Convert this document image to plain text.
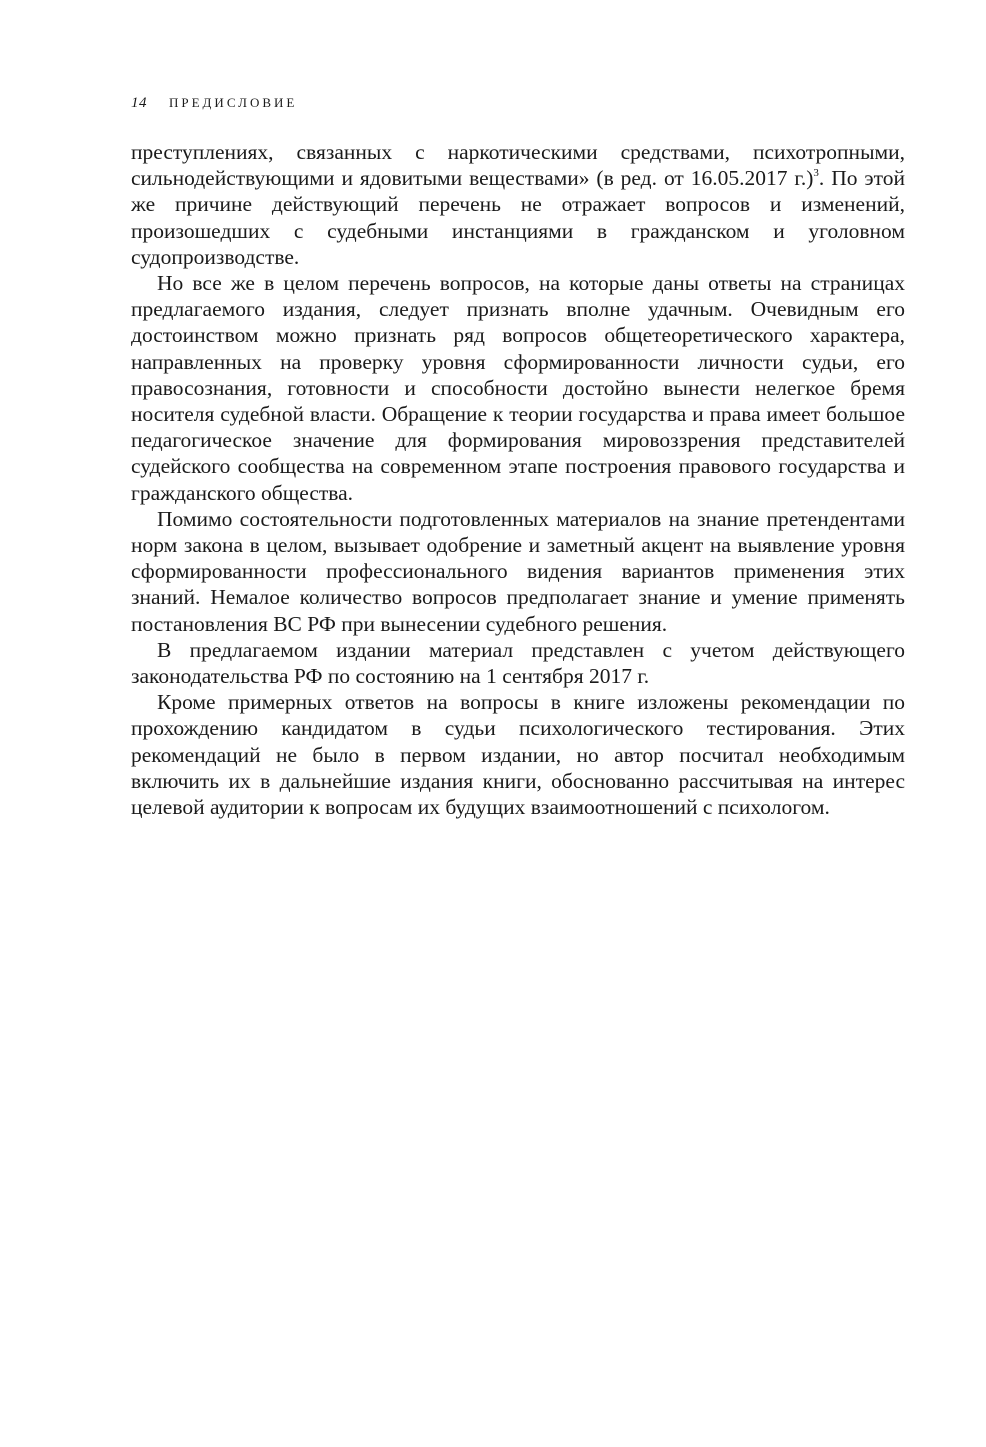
14 ПРЕДИСЛОВИЕ

преступлениях, связанных с наркотическими средствами, психотропными, сильнодействующими и ядовитыми веществами» (в ред. от 16.05.2017 г.)$^3$. По этой же причине действующий перечень не отражает вопросов и изменений, произошедших с судебными инстанциями в гражданском и уголовном судопроизводстве.

Но все же в целом перечень вопросов, на которые даны ответы на страницах предлагаемого издания, следует признать вполне удачным. Очевидным его достоинством можно признать ряд вопросов общетеоретического характера, направленных на проверку уровня сформированности личности судьи, его правосознания, готовности и способности достойно вынести нелегкое бремя носителя судебной власти. Обращение к теории государства и права имеет большое педагогическое значение для формирования мировоззрения представителей судейского сообщества на современном этапе построения правового государства и гражданского общества.

Помимо состоятельности подготовленных материалов на знание претендентами норм закона в целом, вызывает одобрение и заметный акцент на выявление уровня сформированности профессионального видения вариантов применения этих знаний. Немалое количество вопросов предполагает знание и умение применять постановления ВС РФ при вынесении судебного решения.

В предлагаемом издании материал представлен с учетом действующего законодательства РФ по состоянию на 1 сентября 2017 г.

Кроме примерных ответов на вопросы в книге изложены рекомендации по прохождению кандидатом в судьи психологического тестирования. Этих рекомендаций не было в первом издании, но автор посчитал необходимым включить их в дальнейшие издания книги, обоснованно рассчитывая на интерес целевой аудитории к вопросам их будущих взаимоотношений с психологом.
